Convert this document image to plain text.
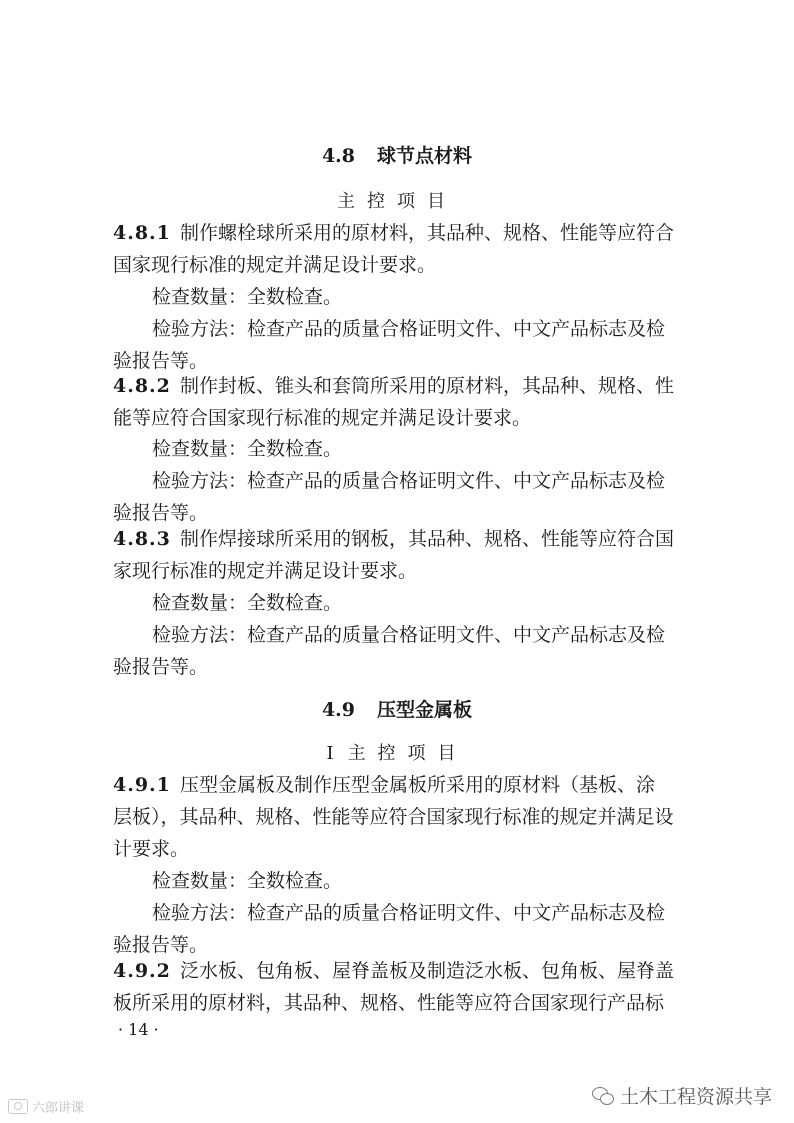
4.8 球节点材料
主控项目
4.8.1 制作螺栓球所采用的原材料，其品种、规格、性能等应符合
国家现行标准的规定并满足设计要求。
检查数量：全数检查。
检验方法：检查产品的质量合格证明文件、中文产品标志及检
验报告等。
4.8.2 制作封板、锥头和套筒所采用的原材料，其品种、规格、性
能等应符合国家现行标准的规定并满足设计要求。
检查数量：全数检查。
检验方法：检查产品的质量合格证明文件、中文产品标志及检
验报告等。
4.8.3 制作焊接球所采用的钢板，其品种、规格、性能等应符合国
家现行标准的规定并满足设计要求。
检查数量：全数检查。
检验方法：检查产品的质量合格证明文件、中文产品标志及检
验报告等。
4.9 压型金属板
Ⅰ 主控项目
4.9.1 压型金属板及制作压型金属板所采用的原材料（基板、涂
层板），其品种、规格、性能等应符合国家现行标准的规定并满足设
计要求。
检查数量：全数检查。
检验方法：检查产品的质量合格证明文件、中文产品标志及检
验报告等。
4.9.2 泛水板、包角板、屋脊盖板及制造泛水板、包角板、屋脊盖
板所采用的原材料，其品种、规格、性能等应符合国家现行产品标
· 14 ·
六郎讲课
土木工程资源共享
